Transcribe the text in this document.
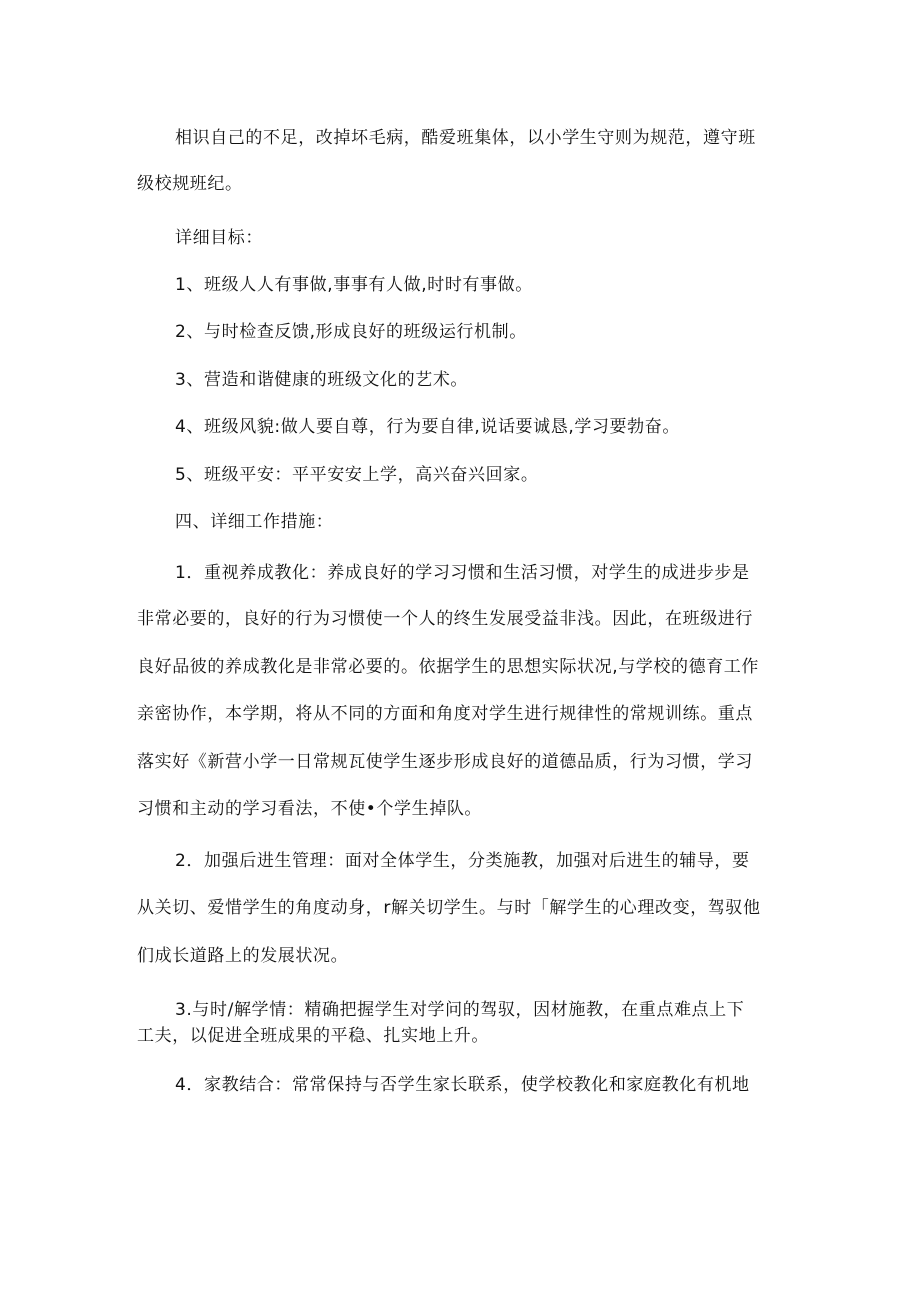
相识自己的不足，改掉坏毛病，酷爱班集体，以小学生守则为规范，遵守班
级校规班纪。
详细目标：
1、班级人人有事做,事事有人做,时时有事做。
2、与时检查反馈,形成良好的班级运行机制。
3、营造和谐健康的班级文化的艺术。
4、班级风貌:做人要自尊，行为要自律,说话要诚恳,学习要勃奋。
5、班级平安：平平安安上学，高兴奋兴回家。
四、详细工作措施：
1．重视养成教化：养成良好的学习习惯和生活习惯，对学生的成进步步是
非常必要的，良好的行为习惯使一个人的终生发展受益非浅。因此，在班级进行
良好品彼的养成教化是非常必要的。依据学生的思想实际状况,与学校的德育工作
亲密协作，本学期，将从不同的方面和角度对学生进行规律性的常规训练。重点
落实好《新营小学一日常规瓦使学生逐步形成良好的道德品质，行为习惯，学习
习惯和主动的学习看法，不使•个学生掉队。
2．加强后进生管理：面对全体学生，分类施教，加强对后进生的辅导，要
从关切、爱惜学生的角度动身，r解关切学生。与时「解学生的心理改变，驾驭他
们成长道路上的发展状况。
3.与时/解学情：精确把握学生对学问的驾驭，因材施教，在重点难点上下
工夫，以促进全班成果的平稳、扎实地上升。
4．家教结合：常常保持与否学生家长联系，使学校教化和家庭教化有机地
